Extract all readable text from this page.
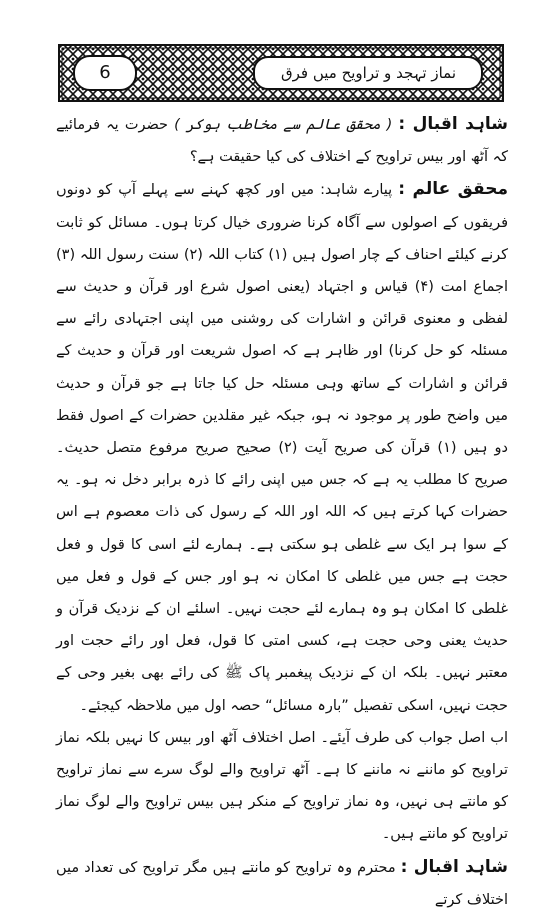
6	نماز تہجد و تراویح میں فرق

شاہد اقبال : ( محقق عالم سے مخاطب ہوکر ) حضرت یہ فرمائیے کہ آٹھ اور بیس تراویح کے اختلاف کی کیا حقیقت ہے؟

محقق عالم : پیارے شاہد: میں اور کچھ کہنے سے پہلے آپ کو دونوں فریقوں کے اصولوں سے آگاہ کرنا ضروری خیال کرتا ہوں۔ مسائل کو ثابت کرنے کیلئے احناف کے چار اصول ہیں (۱) کتاب اللہ (۲) سنت رسول اللہ (۳) اجماع امت (۴) قیاس و اجتہاد (یعنی اصول شرع اور قرآن و حدیث سے لفظی و معنوی قرائن و اشارات کی روشنی میں اپنی اجتہادی رائے سے مسئلہ کو حل کرنا) اور ظاہر ہے کہ اصول شریعت اور قرآن و حدیث کے قرائن و اشارات کے ساتھ وہی مسئلہ حل کیا جاتا ہے جو قرآن و حدیث میں واضح طور پر موجود نہ ہو، جبکہ غیر مقلدین حضرات کے اصول فقط دو ہیں (۱) قرآن کی صریح آیت (۲) صحیح صریح مرفوع متصل حدیث۔ صریح کا مطلب یہ ہے کہ جس میں اپنی رائے کا ذرہ برابر دخل نہ ہو۔ یہ حضرات کہا کرتے ہیں کہ اللہ اور اللہ کے رسول کی ذات معصوم ہے اس کے سوا ہر ایک سے غلطی ہو سکتی ہے۔ ہمارے لئے اسی کا قول و فعل حجت ہے جس میں غلطی کا امکان نہ ہو اور جس کے قول و فعل میں غلطی کا امکان ہو وہ ہمارے لئے حجت نہیں۔ اسلئے ان کے نزدیک قرآن و حدیث یعنی وحی حجت ہے، کسی امتی کا قول، فعل اور رائے حجت اور معتبر نہیں۔ بلکہ ان کے نزدیک پیغمبر پاک ﷺ کی رائے بھی بغیر وحی کے حجت نہیں، اسکی تفصیل ”بارہ مسائل“ حصہ اول میں ملاحظہ کیجئے۔

اب اصل جواب کی طرف آیئے۔ اصل اختلاف آٹھ اور بیس کا نہیں بلکہ نماز تراویح کو ماننے نہ ماننے کا ہے۔ آٹھ تراویح والے لوگ سرے سے نماز تراویح کو مانتے ہی نہیں، وہ نماز تراویح کے منکر ہیں بیس تراویح والے لوگ نماز تراویح کو مانتے ہیں۔

شاہد اقبال : محترم وہ تراویح کو مانتے ہیں مگر تراویح کی تعداد میں اختلاف کرتے
